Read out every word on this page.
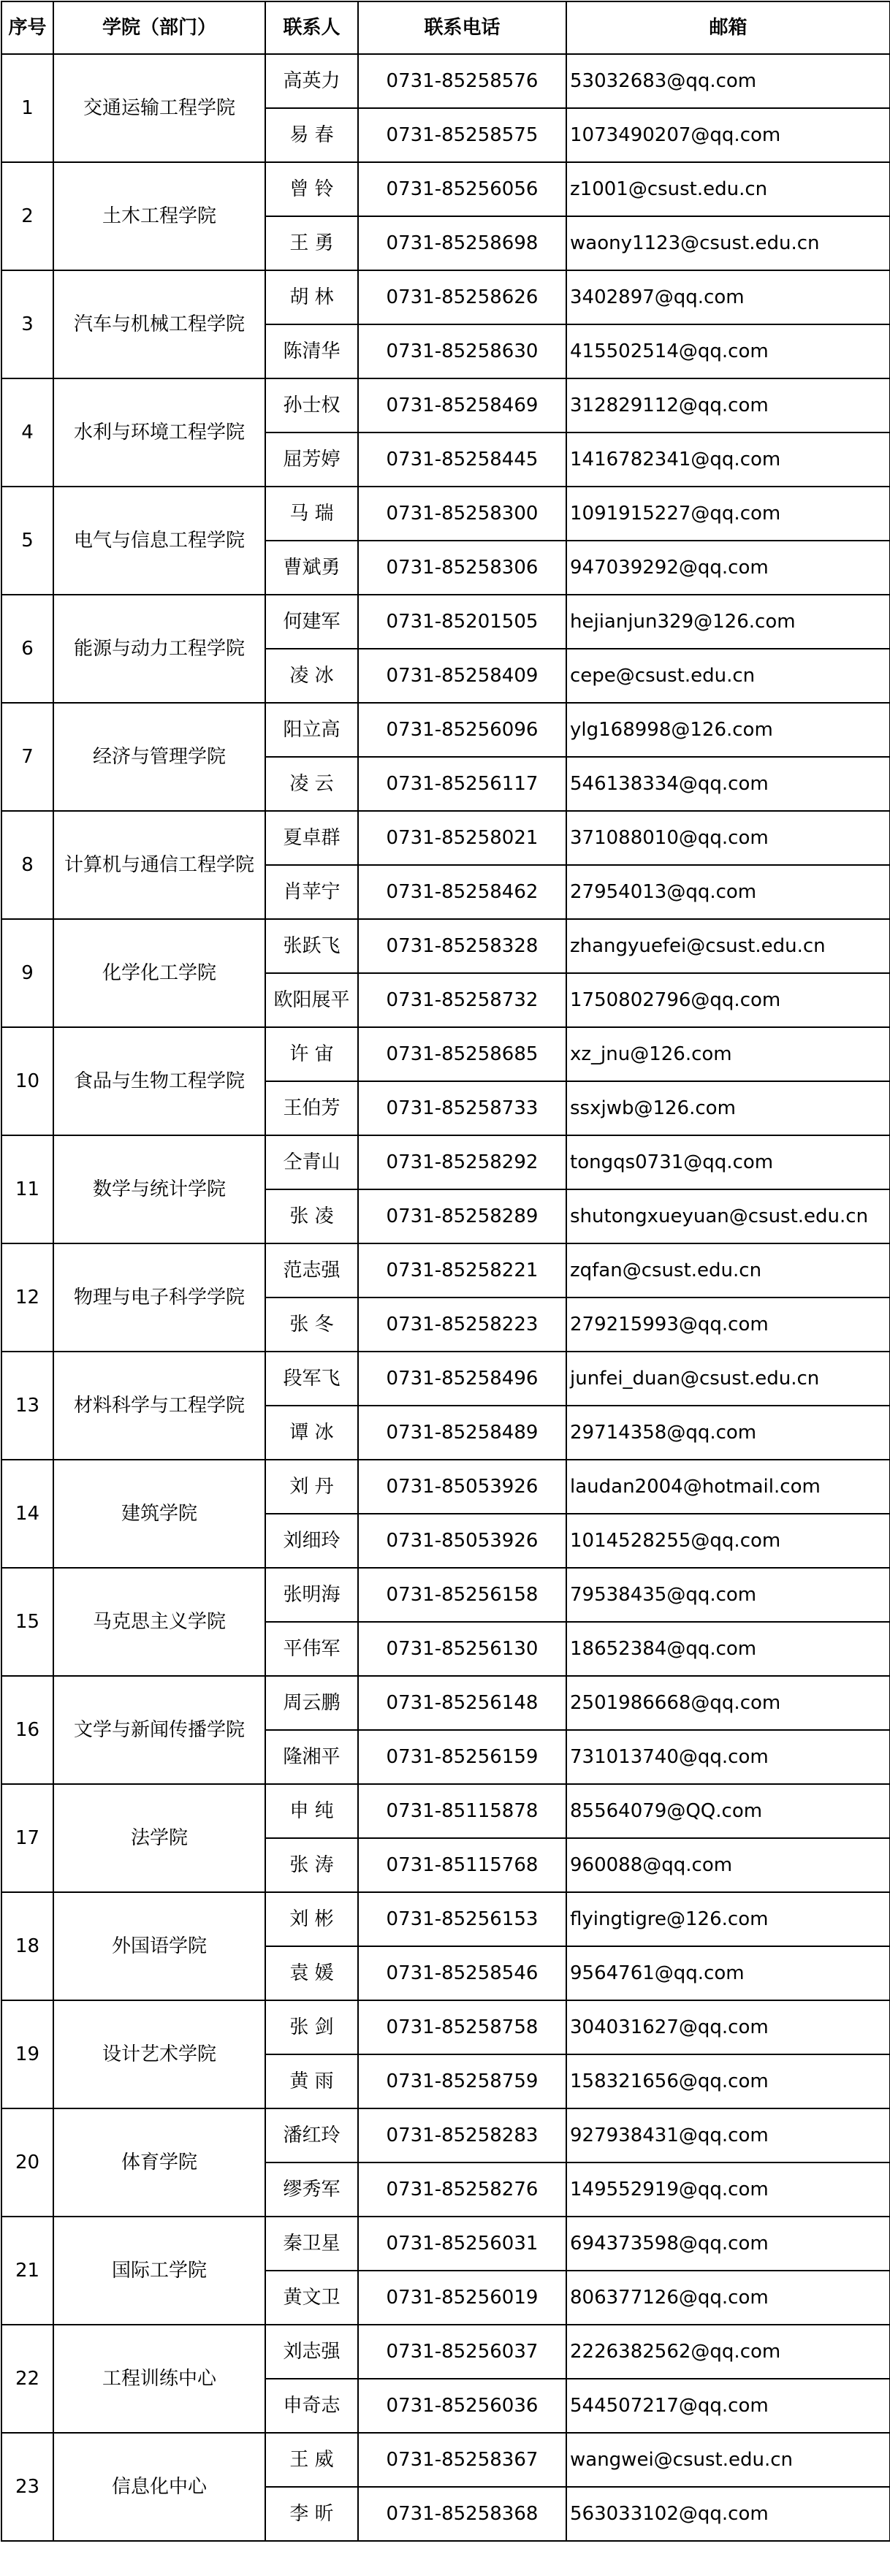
序号	学院（部门）	联系人	联系电话	邮箱
1	交通运输工程学院	高英力	0731-85258576	53032683@qq.com
		易 春	0731-85258575	1073490207@qq.com
2	土木工程学院	曾 铃	0731-85256056	z1001@csust.edu.cn
		王 勇	0731-85258698	waony1123@csust.edu.cn
3	汽车与机械工程学院	胡 林	0731-85258626	3402897@qq.com
		陈清华	0731-85258630	415502514@qq.com
4	水利与环境工程学院	孙士权	0731-85258469	312829112@qq.com
		屈芳婷	0731-85258445	1416782341@qq.com
5	电气与信息工程学院	马 瑞	0731-85258300	1091915227@qq.com
		曹斌勇	0731-85258306	947039292@qq.com
6	能源与动力工程学院	何建军	0731-85201505	hejianjun329@126.com
		凌 冰	0731-85258409	cepe@csust.edu.cn
7	经济与管理学院	阳立高	0731-85256096	ylg168998@126.com
		凌 云	0731-85256117	546138334@qq.com
8	计算机与通信工程学院	夏卓群	0731-85258021	371088010@qq.com
		肖苹宁	0731-85258462	27954013@qq.com
9	化学化工学院	张跃飞	0731-85258328	zhangyuefei@csust.edu.cn
		欧阳展平	0731-85258732	1750802796@qq.com
10	食品与生物工程学院	许 宙	0731-85258685	xz_jnu@126.com
		王伯芳	0731-85258733	ssxjwb@126.com
11	数学与统计学院	仝青山	0731-85258292	tongqs0731@qq.com
		张 凌	0731-85258289	shutongxueyuan@csust.edu.cn
12	物理与电子科学学院	范志强	0731-85258221	zqfan@csust.edu.cn
		张 冬	0731-85258223	279215993@qq.com
13	材料科学与工程学院	段军飞	0731-85258496	junfei_duan@csust.edu.cn
		谭 冰	0731-85258489	29714358@qq.com
14	建筑学院	刘 丹	0731-85053926	laudan2004@hotmail.com
		刘细玲	0731-85053926	1014528255@qq.com
15	马克思主义学院	张明海	0731-85256158	79538435@qq.com
		平伟军	0731-85256130	18652384@qq.com
16	文学与新闻传播学院	周云鹏	0731-85256148	2501986668@qq.com
		隆湘平	0731-85256159	731013740@qq.com
17	法学院	申 纯	0731-85115878	85564079@QQ.com
		张 涛	0731-85115768	960088@qq.com
18	外国语学院	刘 彬	0731-85256153	flyingtigre@126.com
		袁 媛	0731-85258546	9564761@qq.com
19	设计艺术学院	张 剑	0731-85258758	304031627@qq.com
		黄 雨	0731-85258759	158321656@qq.com
20	体育学院	潘红玲	0731-85258283	927938431@qq.com
		缪秀军	0731-85258276	149552919@qq.com
21	国际工学院	秦卫星	0731-85256031	694373598@qq.com
		黄文卫	0731-85256019	806377126@qq.com
22	工程训练中心	刘志强	0731-85256037	2226382562@qq.com
		申奇志	0731-85256036	544507217@qq.com
23	信息化中心	王 威	0731-85258367	wangwei@csust.edu.cn
		李 昕	0731-85258368	563033102@qq.com
